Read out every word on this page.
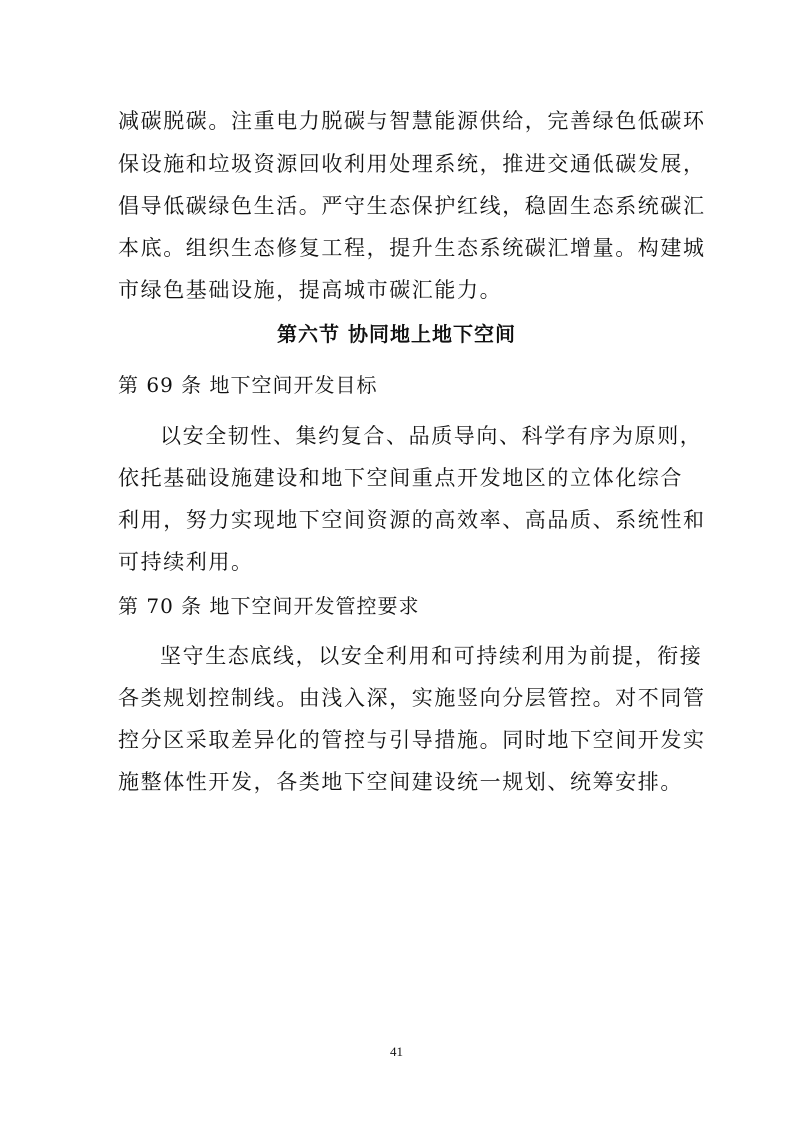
减碳脱碳。注重电力脱碳与智慧能源供给，完善绿色低碳环
保设施和垃圾资源回收利用处理系统，推进交通低碳发展，
倡导低碳绿色生活。严守生态保护红线，稳固生态系统碳汇
本底。组织生态修复工程，提升生态系统碳汇增量。构建城
市绿色基础设施，提高城市碳汇能力。
第六节 协同地上地下空间
第 69 条 地下空间开发目标
以安全韧性、集约复合、品质导向、科学有序为原则，
依托基础设施建设和地下空间重点开发地区的立体化综合
利用，努力实现地下空间资源的高效率、高品质、系统性和
可持续利用。
第 70 条 地下空间开发管控要求
坚守生态底线，以安全利用和可持续利用为前提，衔接
各类规划控制线。由浅入深，实施竖向分层管控。对不同管
控分区采取差异化的管控与引导措施。同时地下空间开发实
施整体性开发，各类地下空间建设统一规划、统筹安排。
41
